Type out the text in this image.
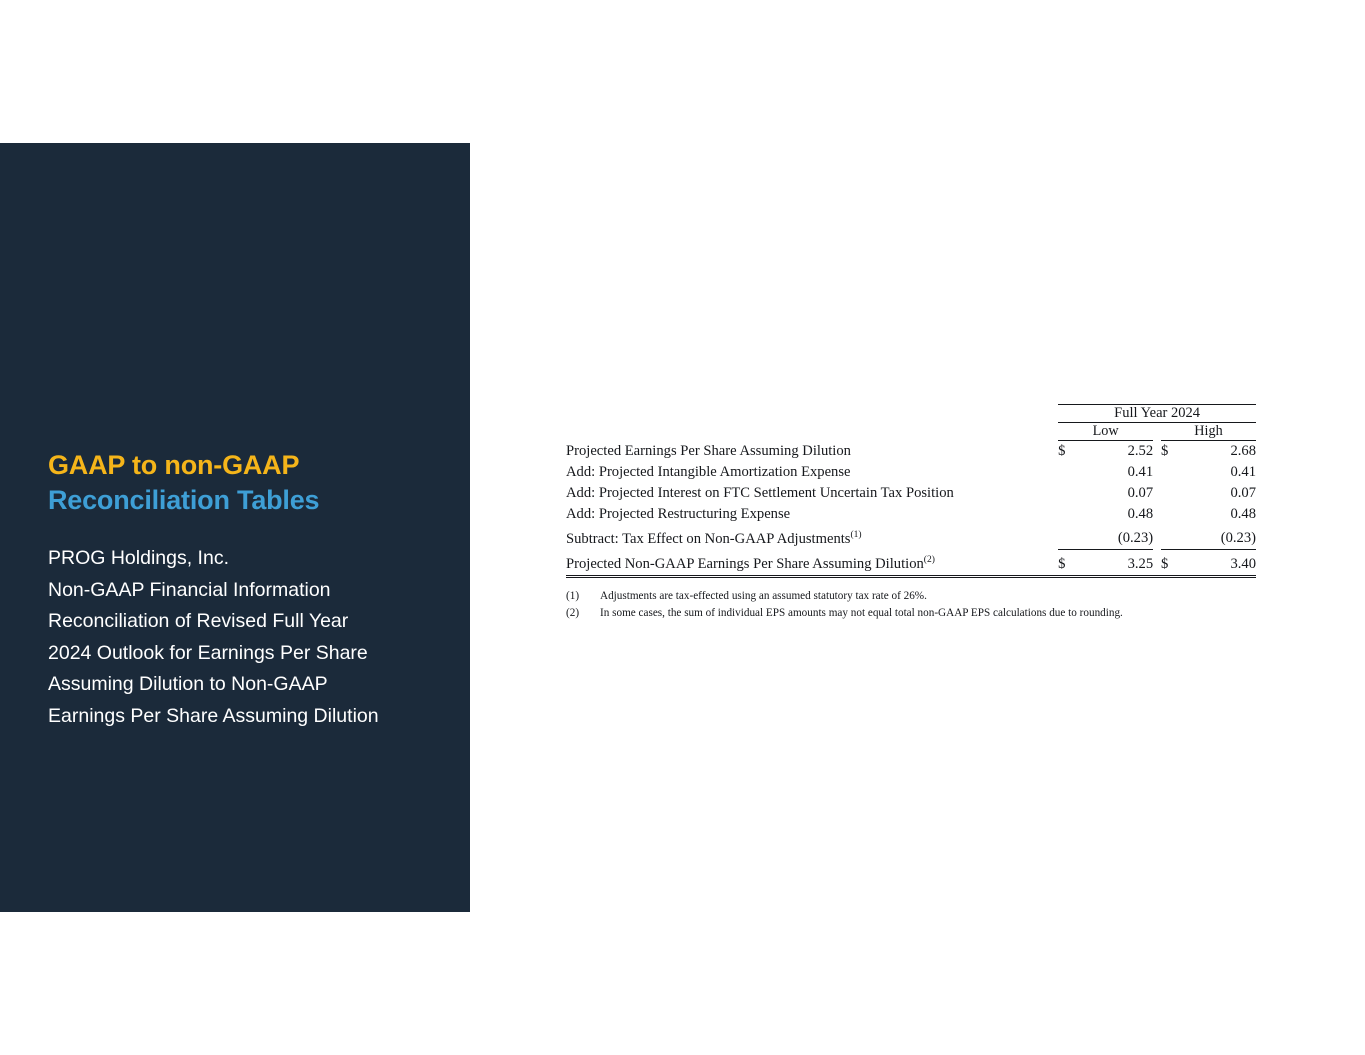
GAAP to non-GAAP
Reconciliation Tables
PROG Holdings, Inc.
Non-GAAP Financial Information
Reconciliation of Revised Full Year
2024 Outlook for Earnings Per Share
Assuming Dilution to Non-GAAP
Earnings Per Share Assuming Dilution
	Full Year 2024				
	Low			High	
Projected Earnings Per Share Assuming Dilution	$	2.52		$	2.68
Add: Projected Intangible Amortization Expense		0.41			0.41
Add: Projected Interest on FTC Settlement Uncertain Tax Position		0.07			0.07
Add: Projected Restructuring Expense		0.48			0.48
Subtract: Tax Effect on Non-GAAP Adjustments$^{(1)}$		(0.23)			(0.23)
Projected Non-GAAP Earnings Per Share Assuming Dilution$^{(2)}$	$	3.25		$	3.40
(1)	Adjustments are tax-effected using an assumed statutory tax rate of 26%.
(2)	In some cases, the sum of individual EPS amounts may not equal total non-GAAP EPS calculations due to rounding.
